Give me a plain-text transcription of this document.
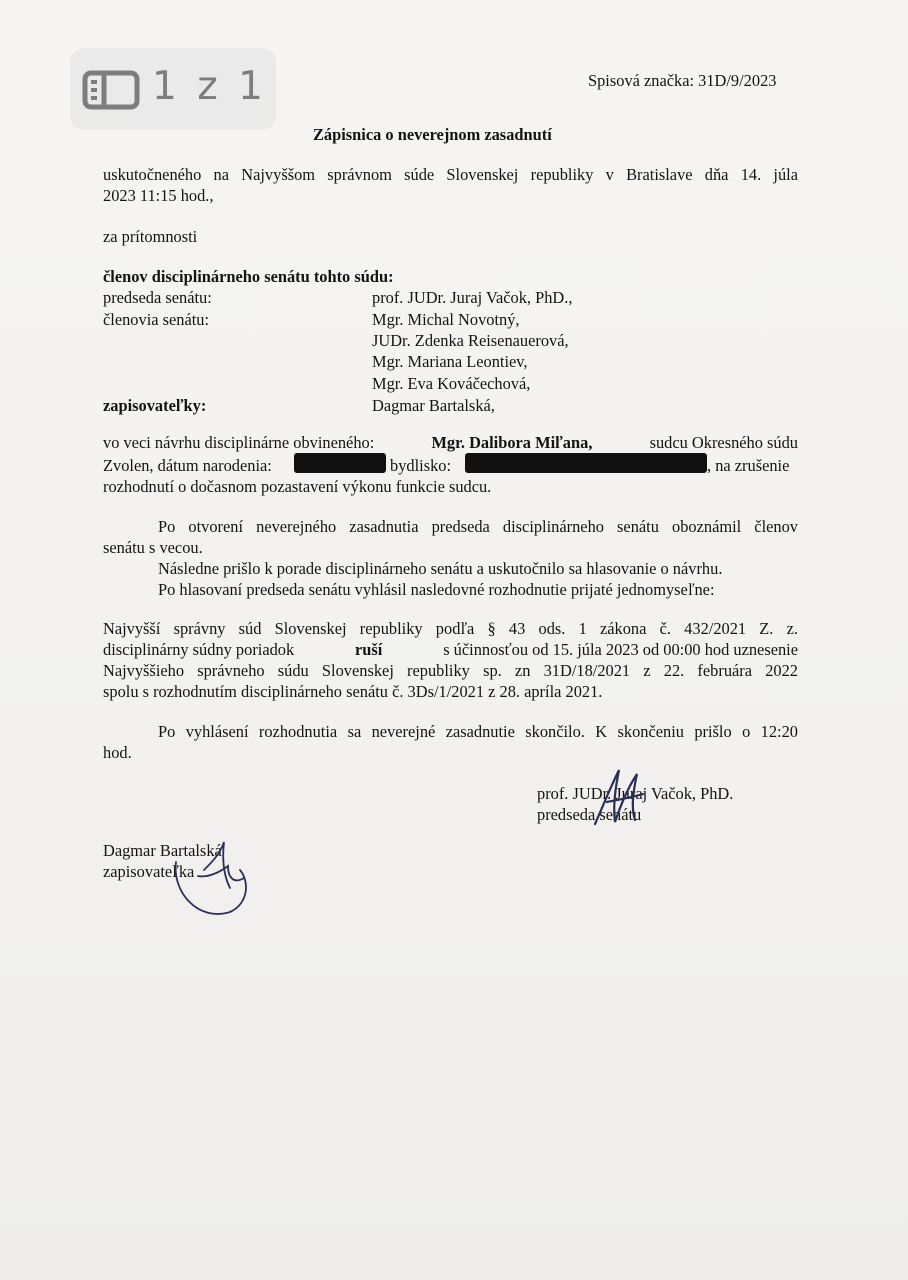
1 z 1	Spisová značka: 31D/9/2023
Zápisnica o neverejnom zasadnutí
uskutočneného na Najvyššom správnom súde Slovenskej republiky v Bratislave dňa 14. júla
2023 11:15 hod.,
za prítomnosti
členov disciplinárneho senátu tohto súdu:
predseda senátu:	prof. JUDr. Juraj Vačok, PhD.,
členovia senátu:	Mgr. Michal Novotný,
JUDr. Zdenka Reisenauerová,
Mgr. Mariana Leontiev,
Mgr. Eva Kováčechová,
zapisovateľky:	Dagmar Bartalská,
vo veci návrhu disciplinárne obvineného:	Mgr. Dalibora Miľana,	sudcu Okresného súdu
Zvolen, dátum narodenia:	bydlisko:	, na zrušenie
rozhodnutí o dočasnom pozastavení výkonu funkcie sudcu.
Po otvorení neverejného zasadnutia predseda disciplinárneho senátu oboznámil členov
senátu s vecou.
Následne prišlo k porade disciplinárneho senátu a uskutočnilo sa hlasovanie o návrhu.
Po hlasovaní predseda senátu vyhlásil nasledovné rozhodnutie prijaté jednomyseľne:
Najvyšší správny súd Slovenskej republiky podľa § 43 ods. 1 zákona č. 432/2021 Z. z.
disciplinárny súdny poriadok	ruší	s účinnosťou od 15. júla 2023 od 00:00 hod uznesenie
Najvyššieho správneho súdu Slovenskej republiky sp. zn 31D/18/2021 z 22. februára 2022
spolu s rozhodnutím disciplinárneho senátu č. 3Ds/1/2021 z 28. apríla 2021.
Po vyhlásení rozhodnutia sa neverejné zasadnutie skončilo. K skončeniu prišlo o 12:20
hod.
prof. JUDr. Juraj Vačok, PhD.
predseda senátu
Dagmar Bartalská
zapisovateľka
